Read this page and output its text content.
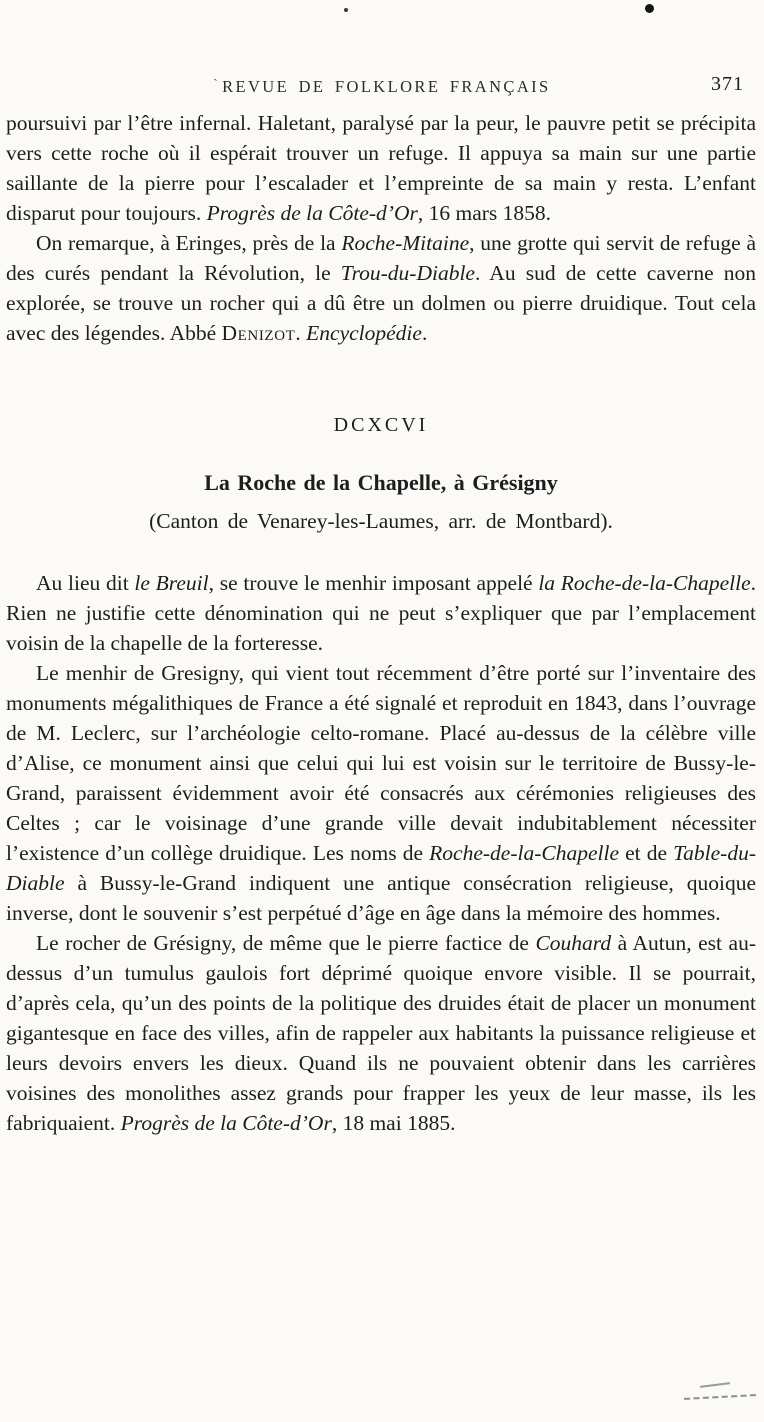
` REVUE DE FOLKLORE FRANÇAIS	371

poursuivi par l’être infernal. Haletant, paralysé par la peur, le pauvre petit se précipita vers cette roche où il espérait trouver un refuge. Il appuya sa main sur une partie saillante de la pierre pour l’escalader et l’empreinte de sa main y resta. L’enfant disparut pour toujours. Progrès de la Côte-d’Or, 16 mars 1858.

On remarque, à Eringes, près de la Roche-Mitaine, une grotte qui servit de refuge à des curés pendant la Révolution, le Trou-du-Diable. Au sud de cette caverne non explorée, se trouve un rocher qui a dû être un dolmen ou pierre druidique. Tout cela avec des légendes. Abbé Denizot. Encyclopédie.

DCXCVI
La Roche de la Chapelle, à Grésigny
(Canton de Venarey-les-Laumes, arr. de Montbard).

Au lieu dit le Breuil, se trouve le menhir imposant appelé la Roche-de-la-Chapelle. Rien ne justifie cette dénomination qui ne peut s’expliquer que par l’emplacement voisin de la chapelle de la forteresse.

Le menhir de Gresigny, qui vient tout récemment d’être porté sur l’inventaire des monuments mégalithiques de France a été signalé et reproduit en 1843, dans l’ouvrage de M. Leclerc, sur l’archéologie celto-romane. Placé au-dessus de la célèbre ville d’Alise, ce monument ainsi que celui qui lui est voisin sur le territoire de Bussy-le-Grand, paraissent évidemment avoir été consacrés aux cérémonies religieuses des Celtes ; car le voisinage d’une grande ville devait indubitablement nécessiter l’existence d’un collège druidique. Les noms de Roche-de-la-Chapelle et de Table-du-Diable à Bussy-le-Grand indiquent une antique consécration religieuse, quoique inverse, dont le souvenir s’est perpétué d’âge en âge dans la mémoire des hommes.

Le rocher de Grésigny, de même que le pierre factice de Couhard à Autun, est au-dessus d’un tumulus gaulois fort déprimé quoique envore visible. Il se pourrait, d’après cela, qu’un des points de la politique des druides était de placer un monument gigantesque en face des villes, afin de rappeler aux habitants la puissance religieuse et leurs devoirs envers les dieux. Quand ils ne pouvaient obtenir dans les carrières voisines des monolithes assez grands pour frapper les yeux de leur masse, ils les fabriquaient. Progrès de la Côte-d’Or, 18 mai 1885.
